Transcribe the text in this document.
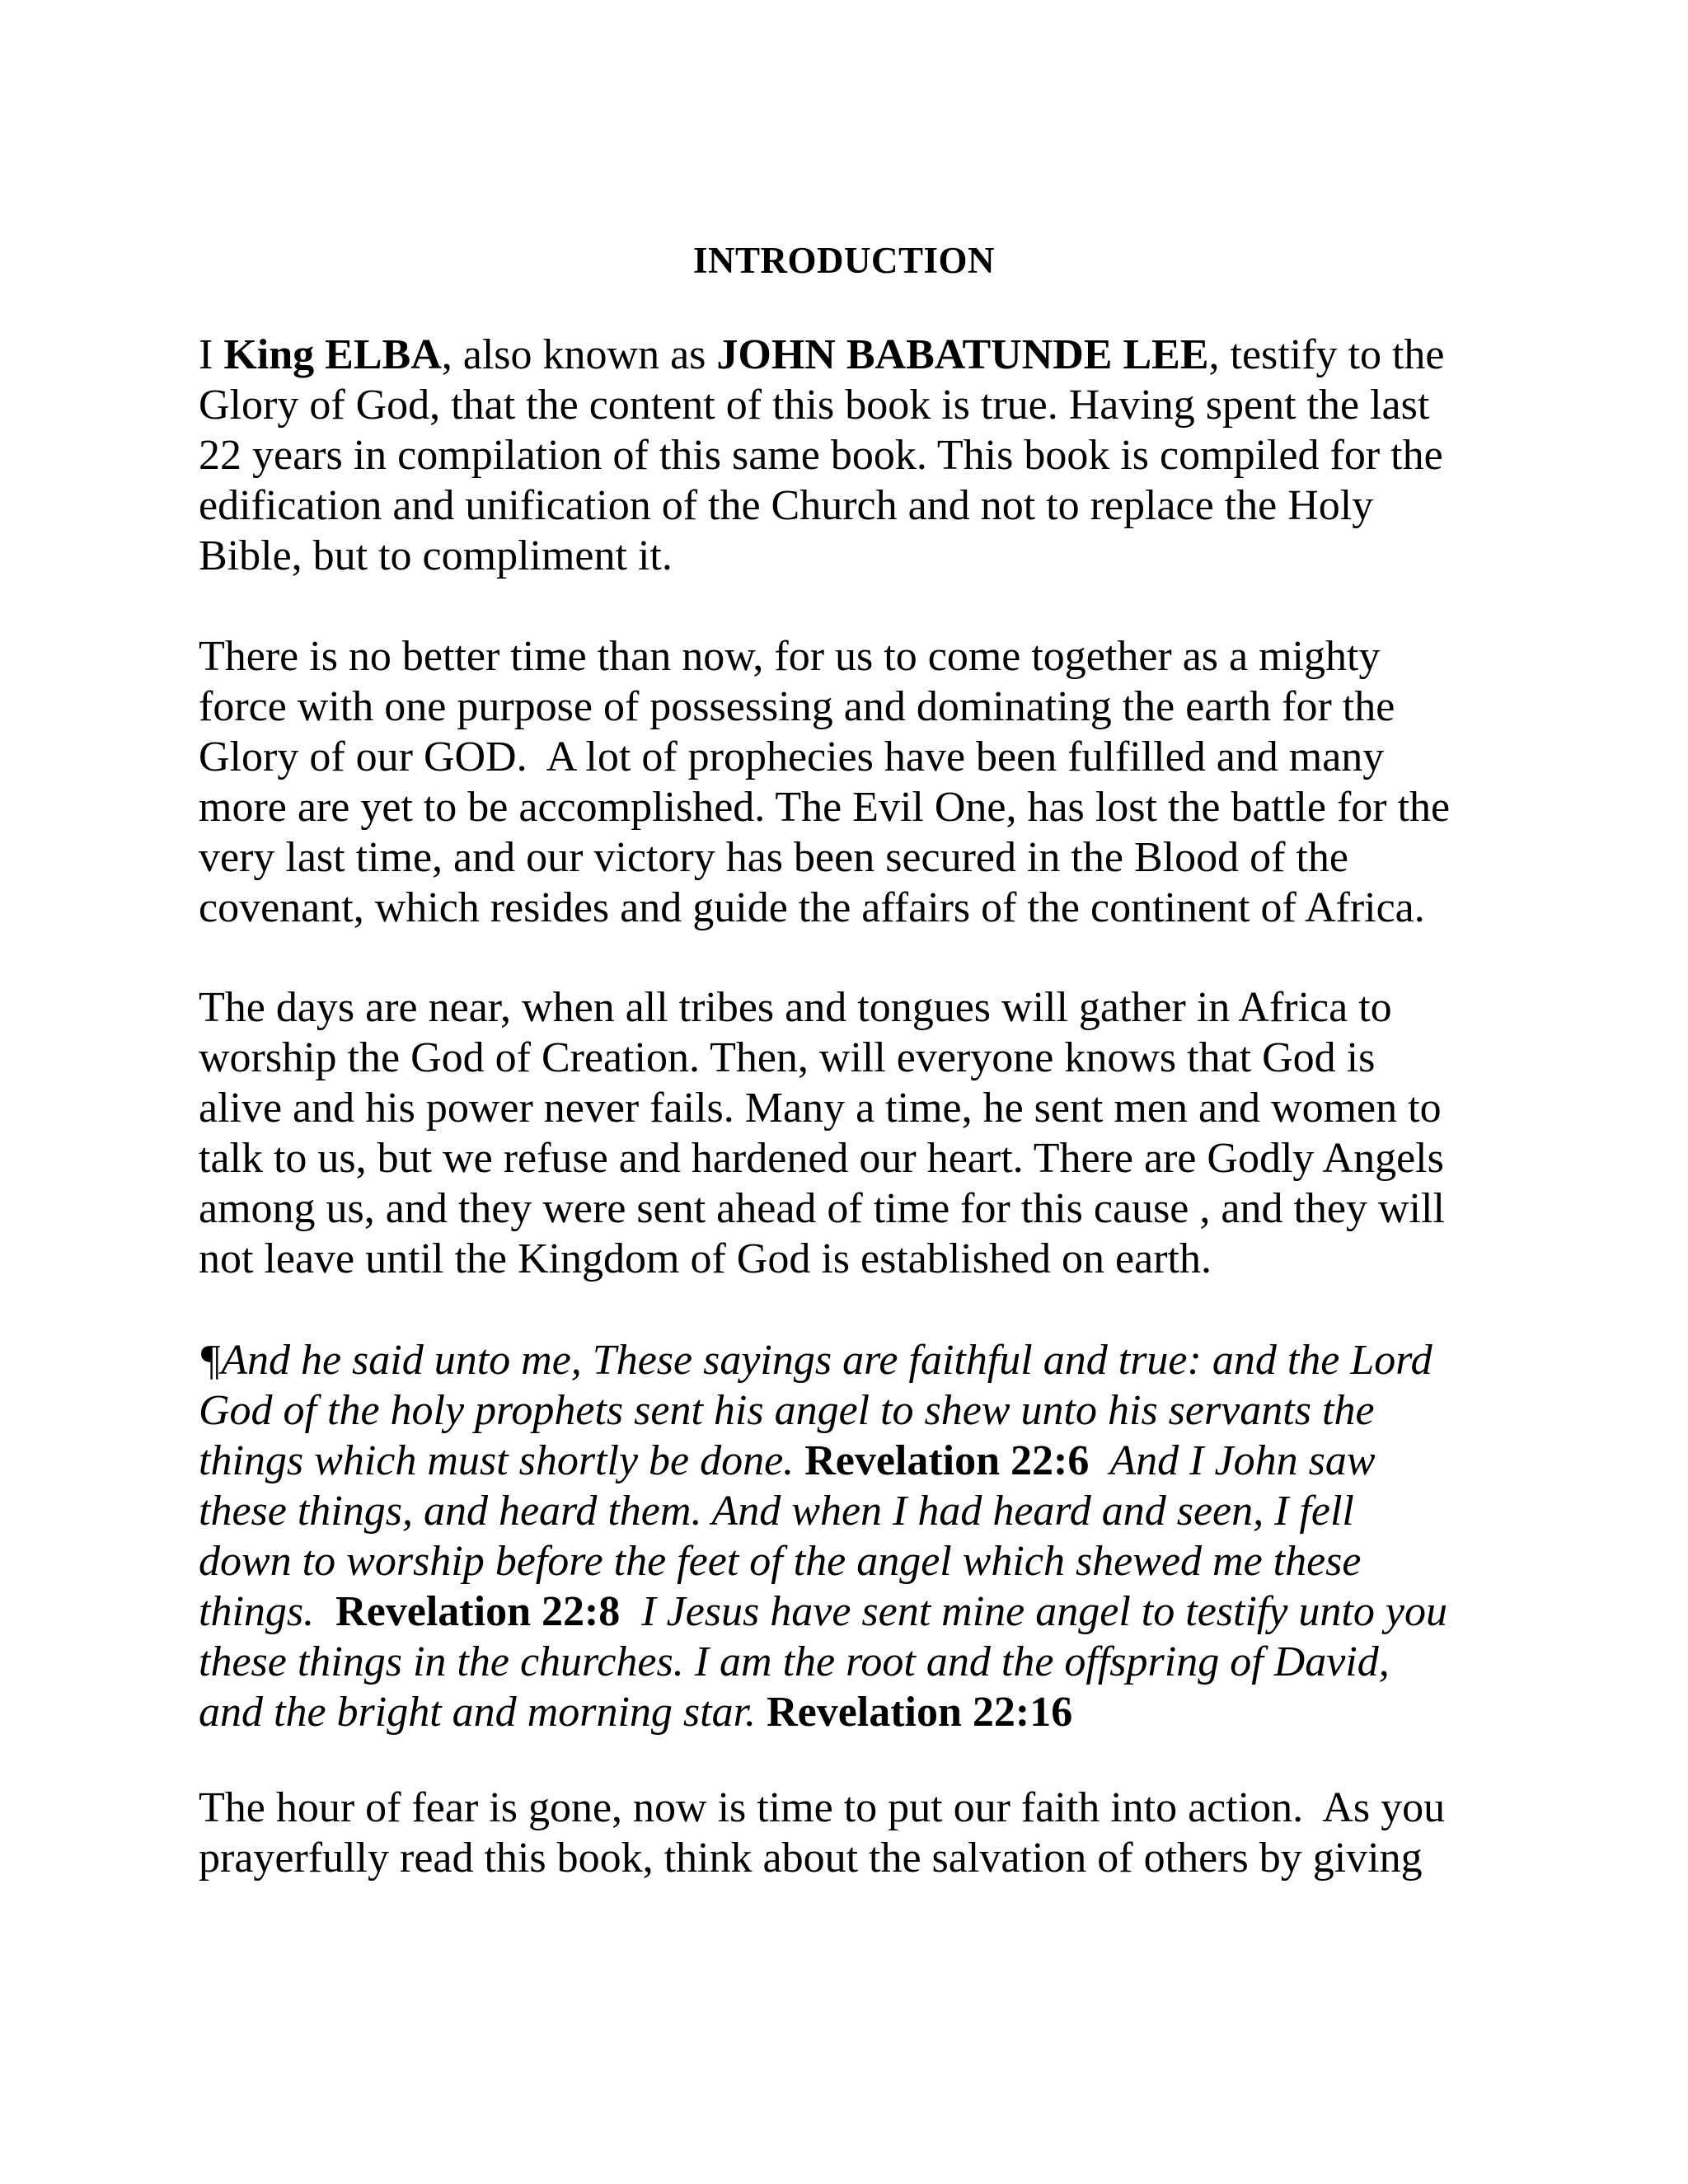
INTRODUCTION
I King ELBA, also known as JOHN BABATUNDE LEE, testify to the
Glory of God, that the content of this book is true. Having spent the last
22 years in compilation of this same book. This book is compiled for the
edification and unification of the Church and not to replace the Holy
Bible, but to compliment it.
There is no better time than now, for us to come together as a mighty
force with one purpose of possessing and dominating the earth for the
Glory of our GOD.  A lot of prophecies have been fulfilled and many
more are yet to be accomplished. The Evil One, has lost the battle for the
very last time, and our victory has been secured in the Blood of the
covenant, which resides and guide the affairs of the continent of Africa.
The days are near, when all tribes and tongues will gather in Africa to
worship the God of Creation. Then, will everyone knows that God is
alive and his power never fails. Many a time, he sent men and women to
talk to us, but we refuse and hardened our heart. There are Godly Angels
among us, and they were sent ahead of time for this cause , and they will
not leave until the Kingdom of God is established on earth.
¶And he said unto me, These sayings are faithful and true: and the Lord
God of the holy prophets sent his angel to shew unto his servants the
things which must shortly be done. Revelation 22:6  And I John saw
these things, and heard them. And when I had heard and seen, I fell
down to worship before the feet of the angel which shewed me these
things.  Revelation 22:8  I Jesus have sent mine angel to testify unto you
these things in the churches. I am the root and the offspring of David,
and the bright and morning star. Revelation 22:16
The hour of fear is gone, now is time to put our faith into action.  As you
prayerfully read this book, think about the salvation of others by giving
